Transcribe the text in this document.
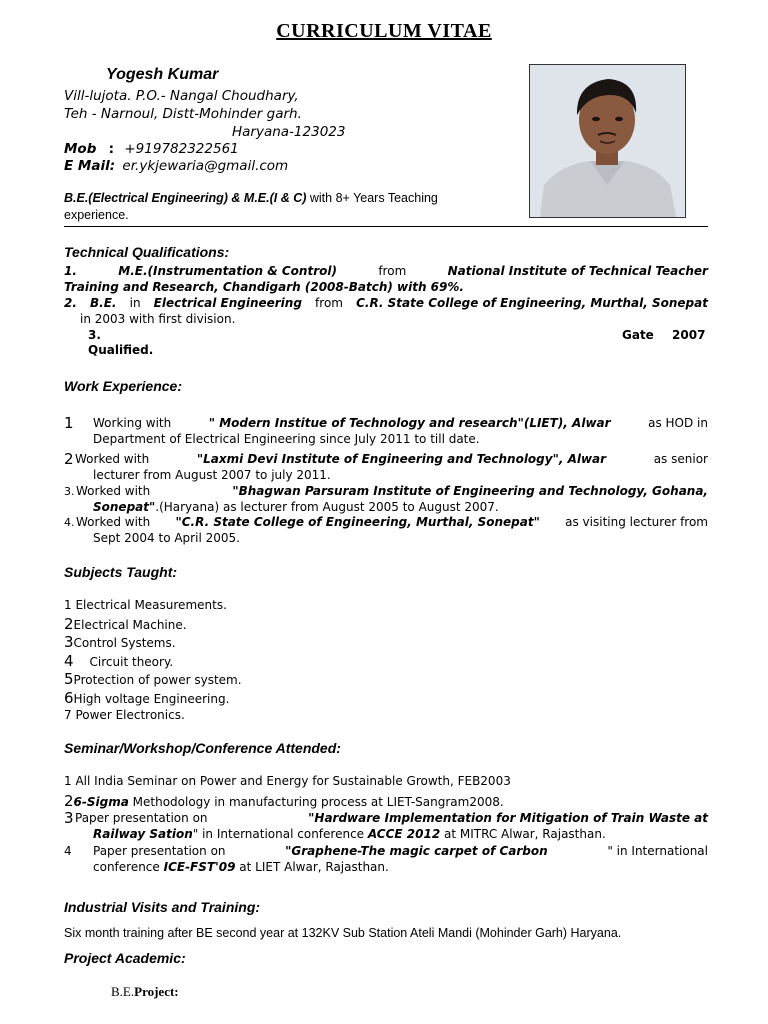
CURRICULUM VITAE
Yogesh Kumar
Vill-lujota. P.O.- Nangal Choudhary,
Teh - Narnoul, Distt-Mohinder garh.
Haryana-123023
Mob : +919782322561
E Mail: er.ykjewaria@gmail.com
B.E.(Electrical Engineering) & M.E.(I & C) with 8+ Years Teaching
experience.
Technical Qualifications:
1.	M.E.(Instrumentation & Control)	from	National Institute of Technical Teacher
Training and Research, Chandigarh (2008-Batch) with 69%.
2. B.E. in Electrical Engineering from C.R. State College of Engineering, Murthal, Sonepat
in 2003 with first division.
3.	Gate 2007
Qualified.
Work Experience:
1 Working with	" Modern Institue of Technology and research"(LIET), Alwar	as HOD in
Department of Electrical Engineering since July 2011 to till date.
2 Worked with	"Laxmi Devi Institute of Engineering and Technology", Alwar	as senior
lecturer from August 2007 to july 2011.
3. Worked with	"Bhagwan Parsuram Institute of Engineering and Technology, Gohana,
Sonepat".(Haryana) as lecturer from August 2005 to August 2007.
4. Worked with "C.R. State College of Engineering, Murthal, Sonepat" as visiting lecturer from
Sept 2004 to April 2005.
Subjects Taught:
1 Electrical Measurements.
2Electrical Machine.
3Control Systems.
4 Circuit theory.
5Protection of power system.
6High voltage Engineering.
7 Power Electronics.
Seminar/Workshop/Conference Attended:
1 All India Seminar on Power and Energy for Sustainable Growth, FEB2003
26-Sigma Methodology in manufacturing process at LIET-Sangram2008.
3 Paper presentation on	"Hardware Implementation for Mitigation of Train Waste at
Railway Sation" in International conference ACCE 2012 at MITRC Alwar, Rajasthan.
4 Paper presentation on	"Graphene-The magic carpet of Carbon	" in International
conference ICE-FST'09 at LIET Alwar, Rajasthan.
Industrial Visits and Training:
Six month training after BE second year at 132KV Sub Station Ateli Mandi (Mohinder Garh) Haryana.
Project Academic:
B.E.Project:
